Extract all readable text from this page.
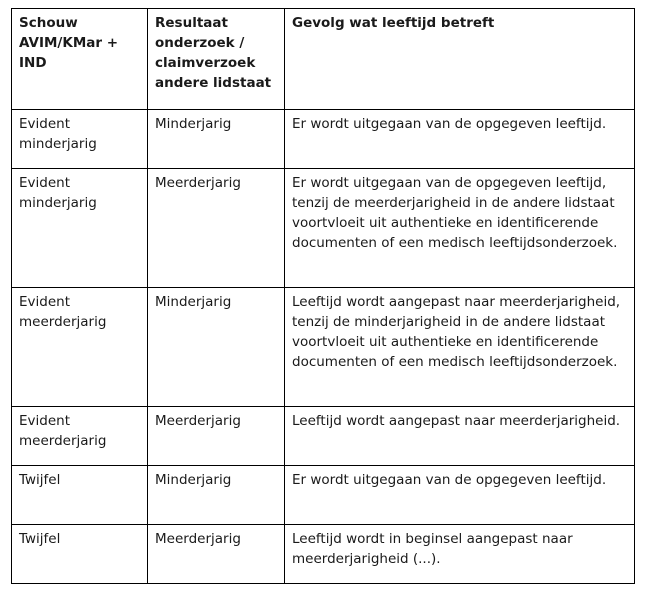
Schouw AVIM/KMar + IND	Resultaat onderzoek / claimverzoek andere lidstaat	Gevolg wat leeftijd betreft
Evident minderjarig	Minderjarig	Er wordt uitgegaan van de opgegeven leeftijd.
Evident minderjarig	Meerderjarig	Er wordt uitgegaan van de opgegeven leeftijd, tenzij de meerderjarigheid in de andere lidstaat voortvloeit uit authentieke en identificerende documenten of een medisch leeftijdsonderzoek.
Evident meerderjarig	Minderjarig	Leeftijd wordt aangepast naar meerderjarigheid, tenzij de minderjarigheid in de andere lidstaat voortvloeit uit authentieke en identificerende documenten of een medisch leeftijdsonderzoek.
Evident meerderjarig	Meerderjarig	Leeftijd wordt aangepast naar meerderjarigheid.
Twijfel	Minderjarig	Er wordt uitgegaan van de opgegeven leeftijd.
Twijfel	Meerderjarig	Leeftijd wordt in beginsel aangepast naar meerderjarigheid (...).
